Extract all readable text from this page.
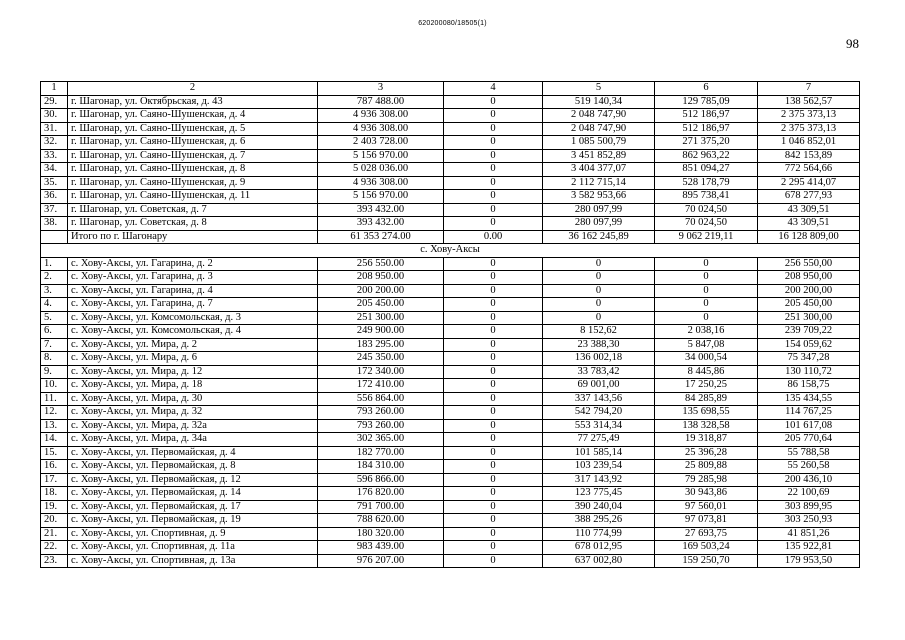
620200080/18505(1)
98
1	2	3	4	5	6	7
29.	г. Шагонар, ул. Октябрьская, д. 43	787 488.00	0	519 140,34	129 785,09	138 562,57
30.	г. Шагонар, ул. Саяно-Шушенская, д. 4	4 936 308.00	0	2 048 747,90	512 186,97	2 375 373,13
31.	г. Шагонар, ул. Саяно-Шушенская, д. 5	4 936 308.00	0	2 048 747,90	512 186,97	2 375 373,13
32.	г. Шагонар, ул. Саяно-Шушенская, д. 6	2 403 728.00	0	1 085 500,79	271 375,20	1 046 852,01
33.	г. Шагонар, ул. Саяно-Шушенская, д. 7	5 156 970.00	0	3 451 852,89	862 963,22	842 153,89
34.	г. Шагонар, ул. Саяно-Шушенская, д. 8	5 028 036.00	0	3 404 377,07	851 094,27	772 564,66
35.	г. Шагонар, ул. Саяно-Шушенская, д. 9	4 936 308.00	0	2 112 715,14	528 178,79	2 295 414,07
36.	г. Шагонар, ул. Саяно-Шушенская, д. 11	5 156 970.00	0	3 582 953,66	895 738,41	678 277,93
37.	г. Шагонар, ул. Советская, д. 7	393 432.00	0	280 097,99	70 024,50	43 309,51
38.	г. Шагонар, ул. Советская, д. 8	393 432.00	0	280 097,99	70 024,50	43 309,51
	Итого по г. Шагонару	61 353 274.00	0.00	36 162 245,89	9 062 219,11	16 128 809,00
с. Хову-Аксы						
1.	с. Хову-Аксы, ул. Гагарина, д. 2	256 550.00	0	0	0	256 550,00
2.	с. Хову-Аксы, ул. Гагарина, д. 3	208 950.00	0	0	0	208 950,00
3.	с. Хову-Аксы, ул. Гагарина, д. 4	200 200.00	0	0	0	200 200,00
4.	с. Хову-Аксы, ул. Гагарина, д. 7	205 450.00	0	0	0	205 450,00
5.	с. Хову-Аксы, ул. Комсомольская, д. 3	251 300.00	0	0	0	251 300,00
6.	с. Хову-Аксы, ул. Комсомольская, д. 4	249 900.00	0	8 152,62	2 038,16	239 709,22
7.	с. Хову-Аксы, ул. Мира, д. 2	183 295.00	0	23 388,30	5 847,08	154 059,62
8.	с. Хову-Аксы, ул. Мира, д. 6	245 350.00	0	136 002,18	34 000,54	75 347,28
9.	с. Хову-Аксы, ул. Мира, д. 12	172 340.00	0	33 783,42	8 445,86	130 110,72
10.	с. Хову-Аксы, ул. Мира, д. 18	172 410.00	0	69 001,00	17 250,25	86 158,75
11.	с. Хову-Аксы, ул. Мира, д. 30	556 864.00	0	337 143,56	84 285,89	135 434,55
12.	с. Хову-Аксы, ул. Мира, д. 32	793 260.00	0	542 794,20	135 698,55	114 767,25
13.	с. Хову-Аксы, ул. Мира, д. 32а	793 260.00	0	553 314,34	138 328,58	101 617,08
14.	с. Хову-Аксы, ул. Мира, д. 34а	302 365.00	0	77 275,49	19 318,87	205 770,64
15.	с. Хову-Аксы, ул. Первомайская, д. 4	182 770.00	0	101 585,14	25 396,28	55 788,58
16.	с. Хову-Аксы, ул. Первомайская, д. 8	184 310.00	0	103 239,54	25 809,88	55 260,58
17.	с. Хову-Аксы, ул. Первомайская, д. 12	596 866.00	0	317 143,92	79 285,98	200 436,10
18.	с. Хову-Аксы, ул. Первомайская, д. 14	176 820.00	0	123 775,45	30 943,86	22 100,69
19.	с. Хову-Аксы, ул. Первомайская, д. 17	791 700.00	0	390 240,04	97 560,01	303 899,95
20.	с. Хову-Аксы, ул. Первомайская, д. 19	788 620.00	0	388 295,26	97 073,81	303 250,93
21.	с. Хову-Аксы, ул. Спортивная, д. 9	180 320.00	0	110 774,99	27 693,75	41 851,26
22.	с. Хову-Аксы, ул. Спортивная, д. 11а	983 439.00	0	678 012,95	169 503,24	135 922,81
23.	с. Хову-Аксы, ул. Спортивная, д. 13а	976 207.00	0	637 002,80	159 250,70	179 953,50
